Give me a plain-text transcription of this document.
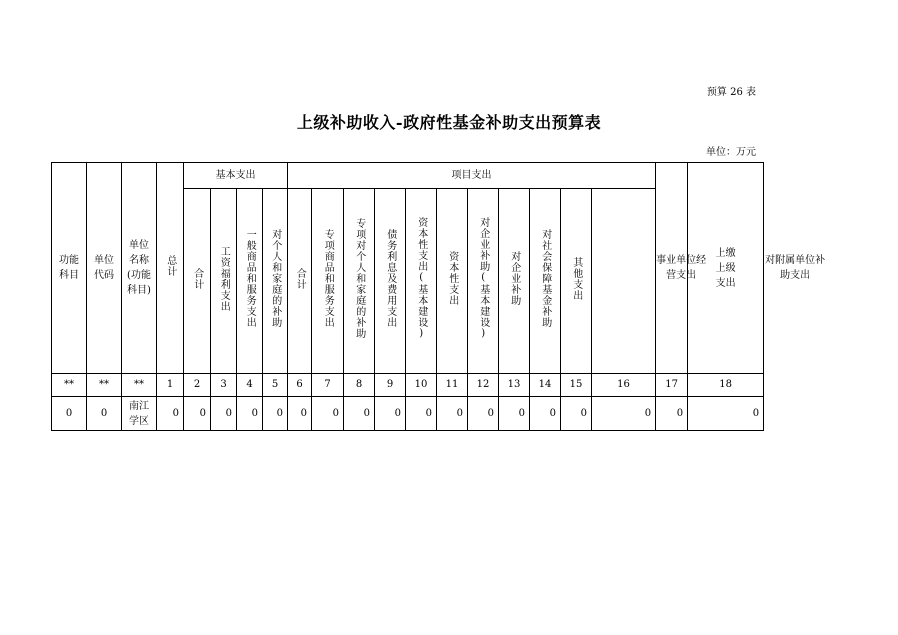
预算 26 表
上级补助收入-政府性基金补助支出预算表
单位：万元
功能科目	单位代码	单位名称(功能科目)	总计	基本支出				项目支出											事业单位经营支出	上缴上级支出	对附属单位补助支出
				合计	工资福利支出	一般商品和服务支出	对个人和家庭的补助	合计	专项商品和服务支出	专项对个人和家庭的补助	债务利息及费用支出	资本性支出(基本建设)	资本性支出	对企业补助(基本建设)	对企业补助	对社会保障基金补助	其他支出				
**	**	**	1	2	3	4	5	6	7	8	9	10	11	12	13	14	15	16	17	18	
0	0	南江学区	0	0	0	0	0	0	0	0	0	0	0	0	0	0	0	0	0	0	
